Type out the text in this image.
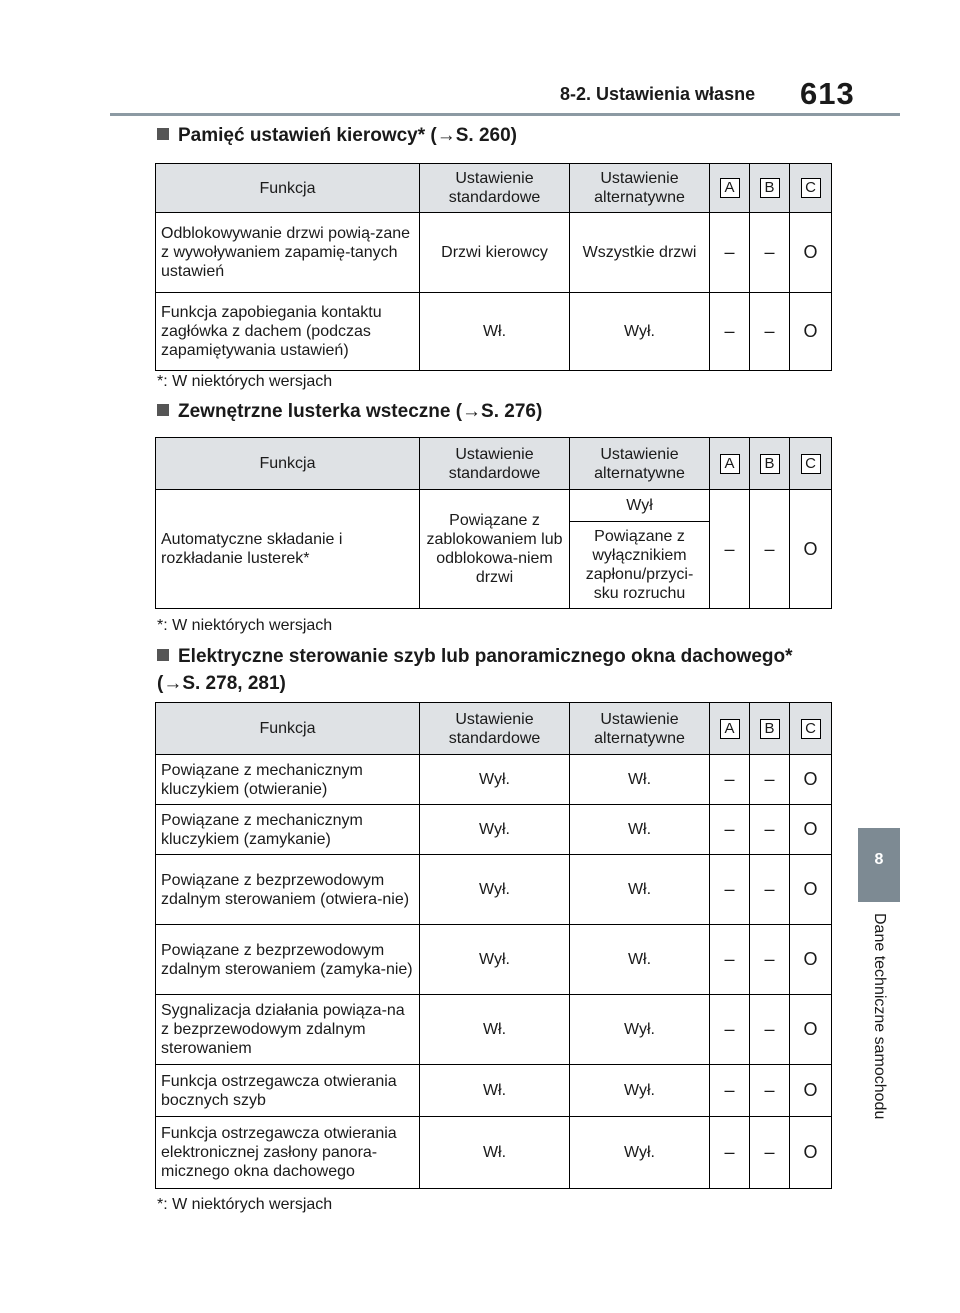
8-2. Ustawienia własne 613
8
Dane techniczne samochodu
Pamięć ustawień kierowcy* (→S. 260)
Funkcja	Ustawienie standardowe	Ustawienie alternatywne	A	B	C
Odblokowywanie drzwi powią-zane z wywoływaniem zapamię-tanych ustawień	Drzwi kierowcy	Wszystkie drzwi	–	–	O
Funkcja zapobiegania kontaktu zagłówka z dachem (podczas zapamiętywania ustawień)	Wł.	Wył.	–	–	O
*: W niektórych wersjach
Zewnętrzne lusterka wsteczne (→S. 276)
Funkcja	Ustawienie standardowe	Ustawienie alternatywne	A	B	C
Automatyczne składanie i rozkładanie lusterek*	Powiązane z zablokowaniem lub odblokowa-niem drzwi	Wył	–	–	O
		Powiązane z wyłącznikiem zapłonu/przyci-sku rozruchu			
*: W niektórych wersjach
Elektryczne sterowanie szyb lub panoramicznego okna dachowego* (→S. 278, 281)
Funkcja	Ustawienie standardowe	Ustawienie alternatywne	A	B	C
Powiązane z mechanicznym kluczykiem (otwieranie)	Wył.	Wł.	–	–	O
Powiązane z mechanicznym kluczykiem (zamykanie)	Wył.	Wł.	–	–	O
Powiązane z bezprzewodowym zdalnym sterowaniem (otwiera-nie)	Wył.	Wł.	–	–	O
Powiązane z bezprzewodowym zdalnym sterowaniem (zamyka-nie)	Wył.	Wł.	–	–	O
Sygnalizacja działania powiąza-na z bezprzewodowym zdalnym sterowaniem	Wł.	Wył.	–	–	O
Funkcja ostrzegawcza otwierania bocznych szyb	Wł.	Wył.	–	–	O
Funkcja ostrzegawcza otwierania elektronicznej zasłony panora-micznego okna dachowego	Wł.	Wył.	–	–	O
*: W niektórych wersjach
